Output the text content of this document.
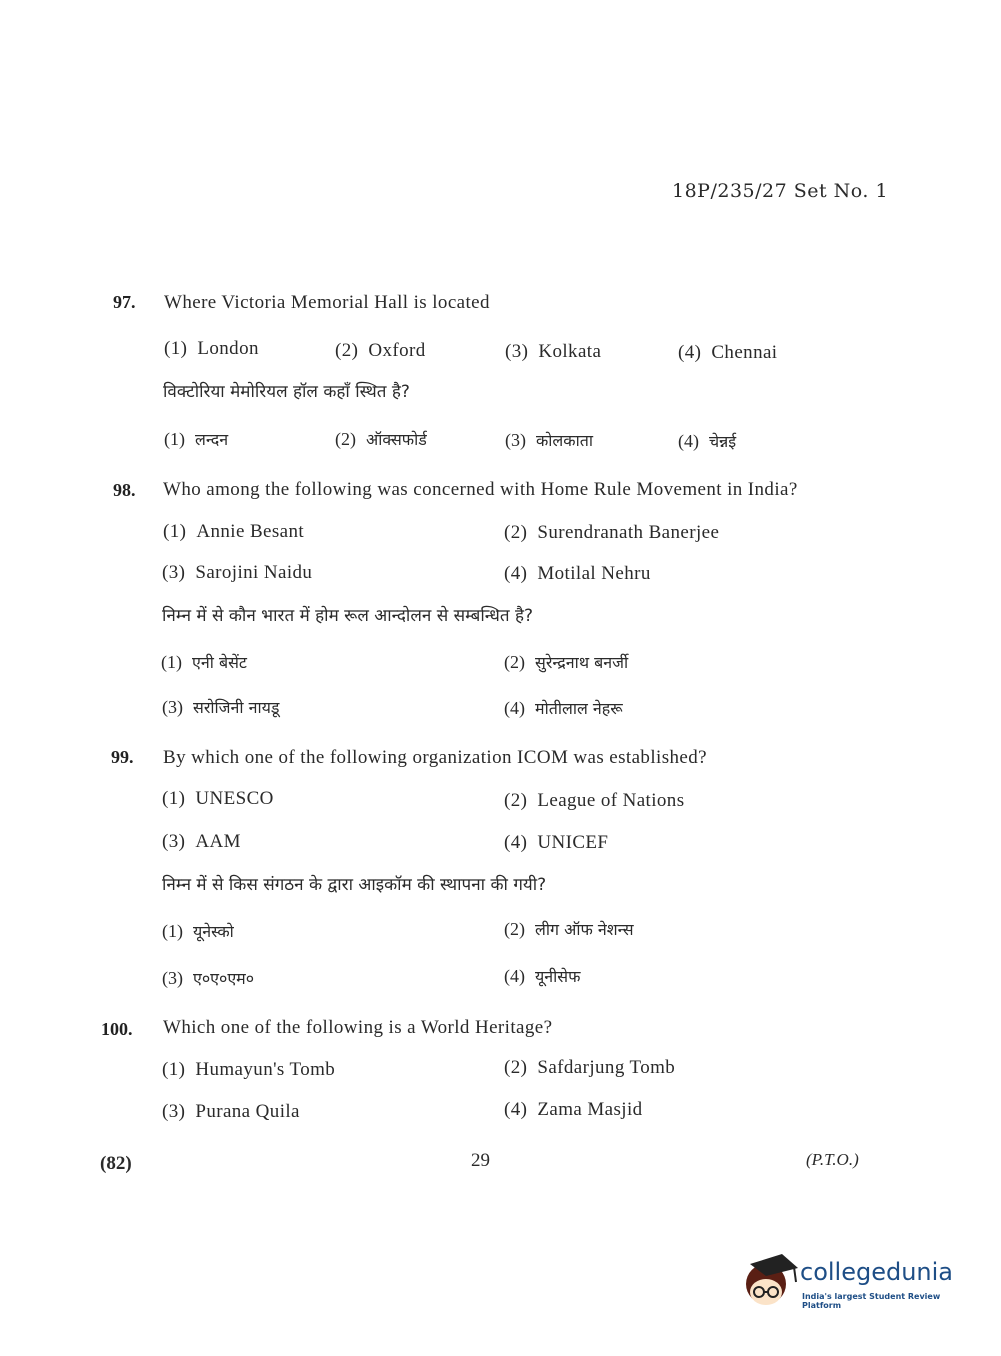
18P/235/27 Set No. 1
97. Where Victoria Memorial Hall is located
(1) London	(2) Oxford	(3) Kolkata	(4) Chennai
विक्टोरिया मेमोरियल हॉल कहाँ स्थित है?
(1) लन्दन	(2) ऑक्सफोर्ड	(3) कोलकाता	(4) चेन्नई
98. Who among the following was concerned with Home Rule Movement in India?
(1) Annie Besant	(2) Surendranath Banerjee
(3) Sarojini Naidu	(4) Motilal Nehru
निम्न में से कौन भारत में होम रूल आन्दोलन से सम्बन्धित है?
(1) एनी बेसेंट	(2) सुरेन्द्रनाथ बनर्जी
(3) सरोजिनी नायडू	(4) मोतीलाल नेहरू
99. By which one of the following organization ICOM was established?
(1) UNESCO	(2) League of Nations
(3) AAM	(4) UNICEF
निम्न में से किस संगठन के द्वारा आइकॉम की स्थापना की गयी?
(1) यूनेस्को	(2) लीग ऑफ नेशन्स
(3) ए०ए०एम०	(4) यूनीसेफ
100. Which one of the following is a World Heritage?
(1) Humayun's Tomb	(2) Safdarjung Tomb
(3) Purana Quila	(4) Zama Masjid
(82)	29	(P.T.O.)
collegedunia
India's largest Student Review Platform
